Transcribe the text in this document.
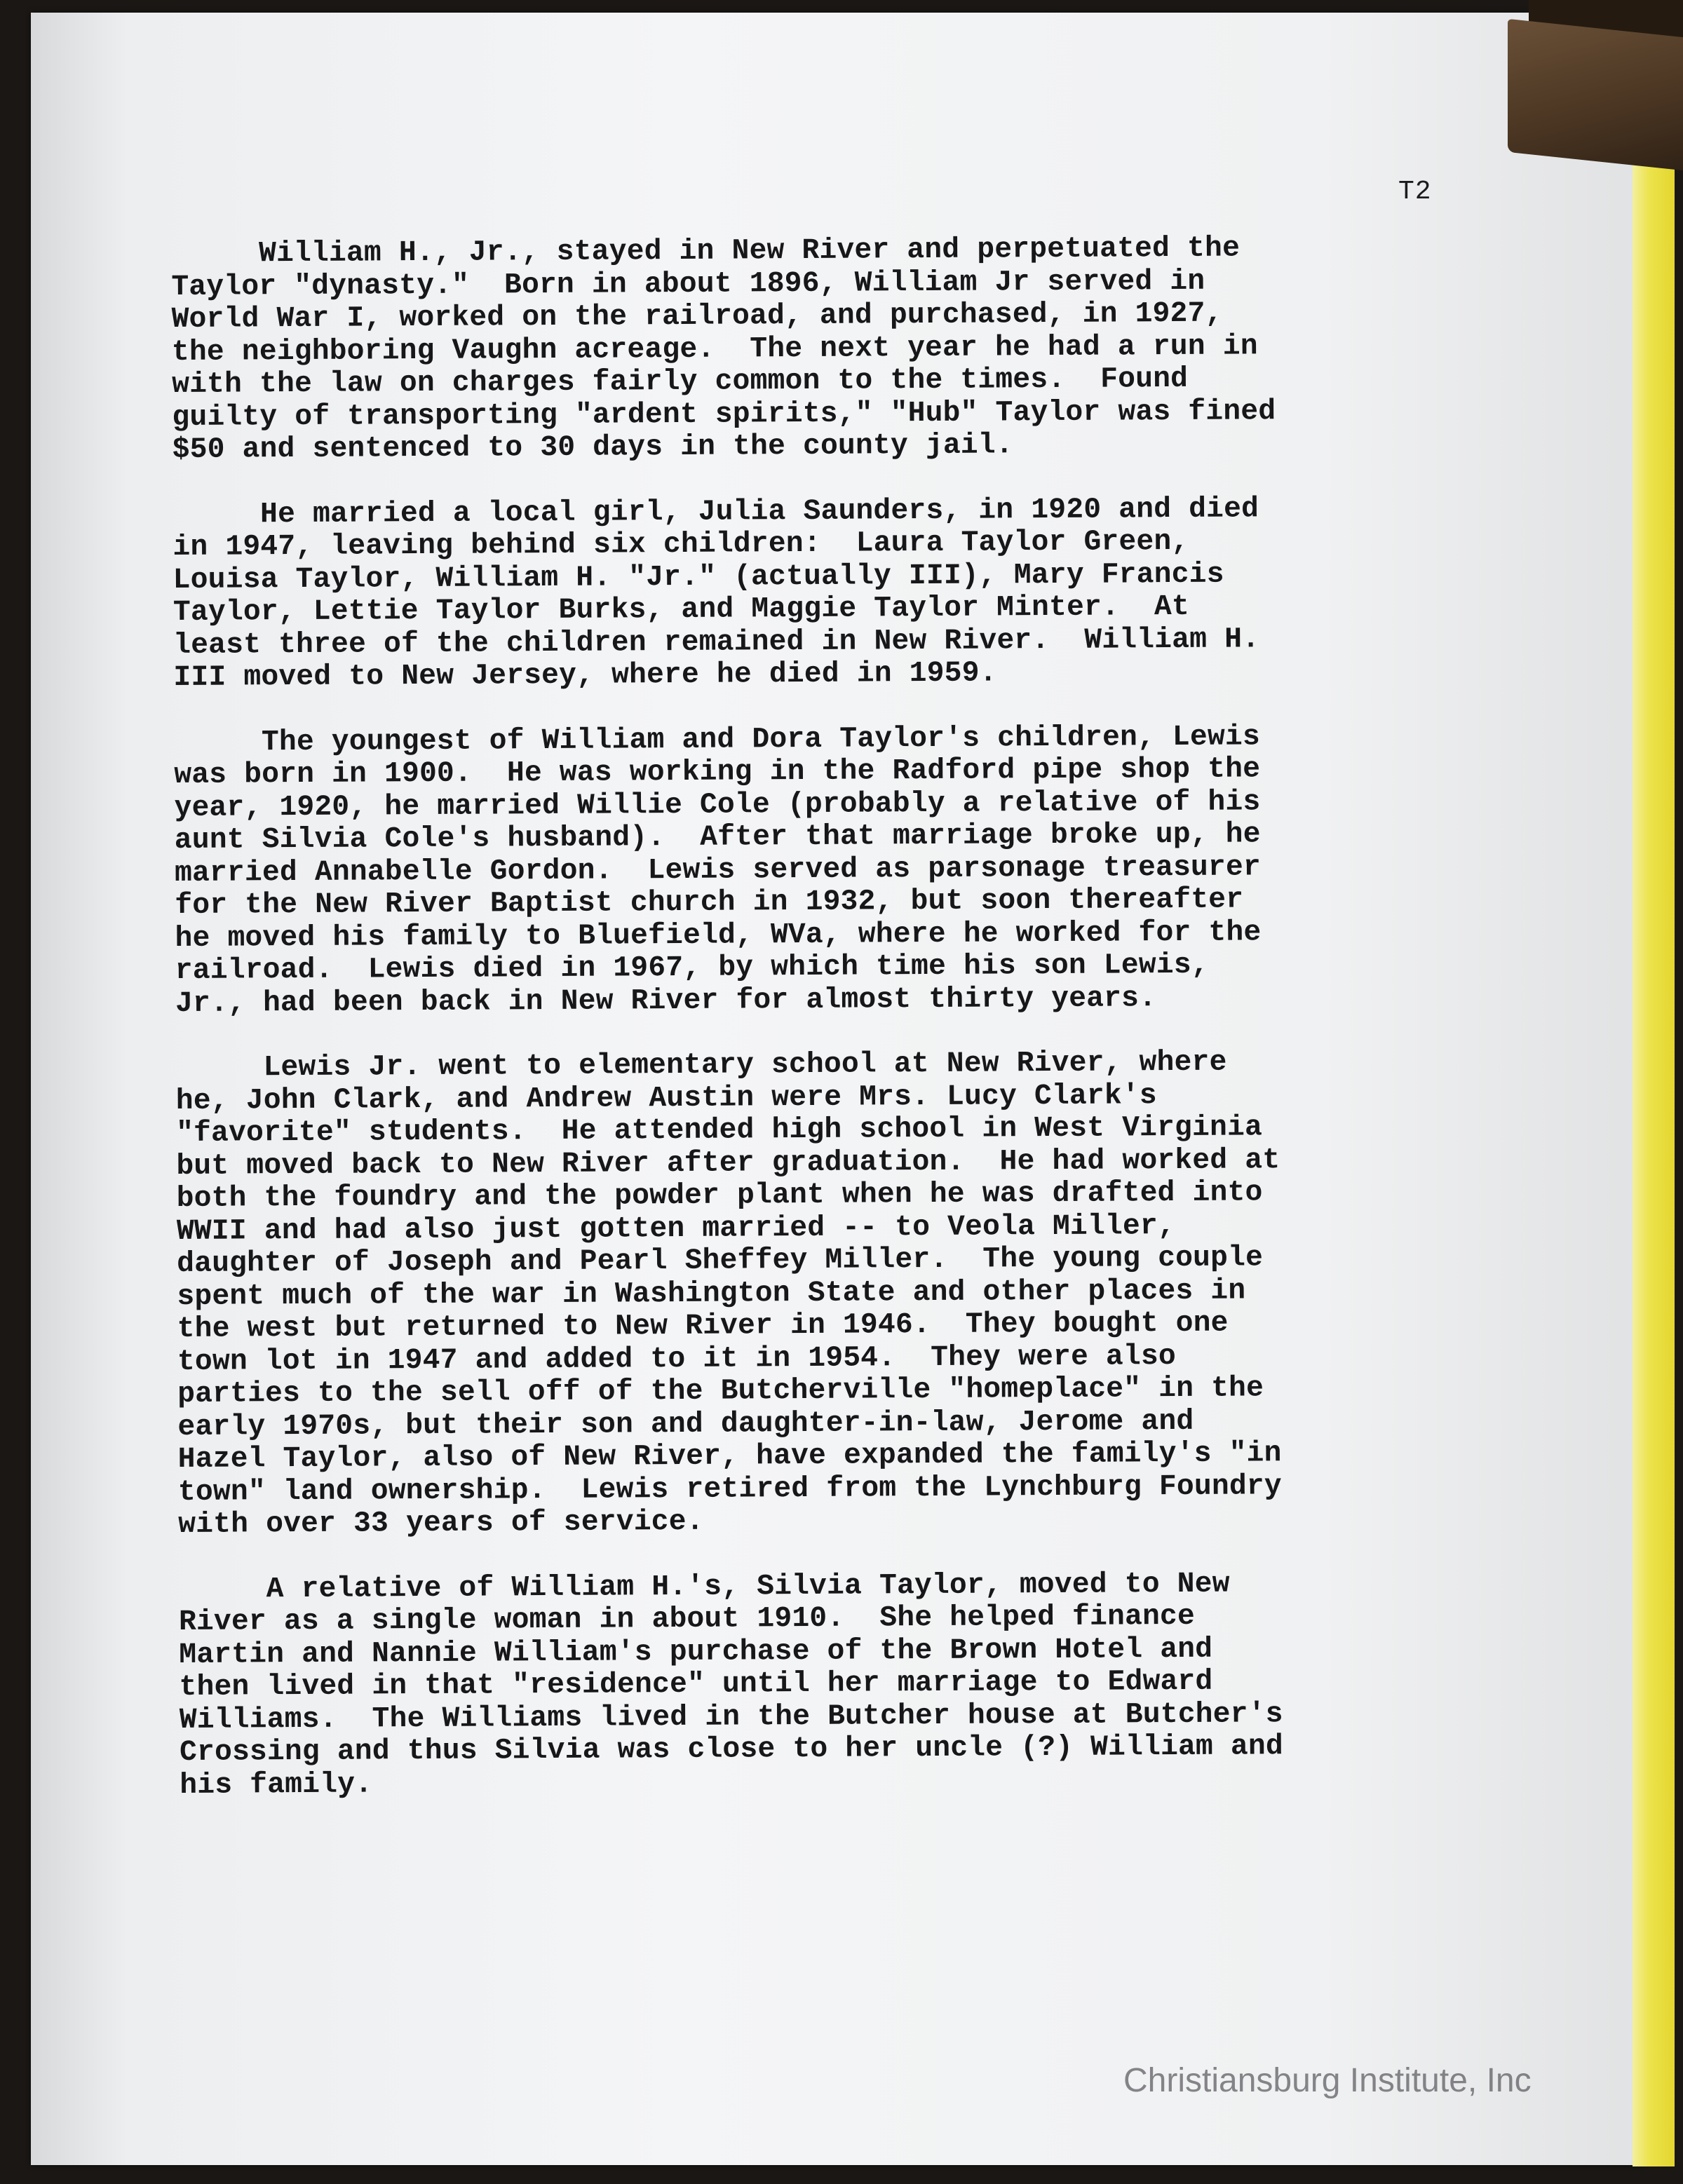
T2

William H., Jr., stayed in New River and perpetuated the
Taylor "dynasty."  Born in about 1896, William Jr served in
World War I, worked on the railroad, and purchased, in 1927,
the neighboring Vaughn acreage.  The next year he had a run in
with the law on charges fairly common to the times.  Found
guilty of transporting "ardent spirits," "Hub" Taylor was fined
$50 and sentenced to 30 days in the county jail.

He married a local girl, Julia Saunders, in 1920 and died
in 1947, leaving behind six children:  Laura Taylor Green,
Louisa Taylor, William H. "Jr." (actually III), Mary Francis
Taylor, Lettie Taylor Burks, and Maggie Taylor Minter.  At
least three of the children remained in New River.  William H.
III moved to New Jersey, where he died in 1959.

The youngest of William and Dora Taylor's children, Lewis
was born in 1900.  He was working in the Radford pipe shop the
year, 1920, he married Willie Cole (probably a relative of his
aunt Silvia Cole's husband).  After that marriage broke up, he
married Annabelle Gordon.  Lewis served as parsonage treasurer
for the New River Baptist church in 1932, but soon thereafter
he moved his family to Bluefield, WVa, where he worked for the
railroad.  Lewis died in 1967, by which time his son Lewis,
Jr., had been back in New River for almost thirty years.

Lewis Jr. went to elementary school at New River, where
he, John Clark, and Andrew Austin were Mrs. Lucy Clark's
"favorite" students.  He attended high school in West Virginia
but moved back to New River after graduation.  He had worked at
both the foundry and the powder plant when he was drafted into
WWII and had also just gotten married -- to Veola Miller,
daughter of Joseph and Pearl Sheffey Miller.  The young couple
spent much of the war in Washington State and other places in
the west but returned to New River in 1946.  They bought one
town lot in 1947 and added to it in 1954.  They were also
parties to the sell off of the Butcherville "homeplace" in the
early 1970s, but their son and daughter-in-law, Jerome and
Hazel Taylor, also of New River, have expanded the family's "in
town" land ownership.  Lewis retired from the Lynchburg Foundry
with over 33 years of service.

A relative of William H.'s, Silvia Taylor, moved to New
River as a single woman in about 1910.  She helped finance
Martin and Nannie William's purchase of the Brown Hotel and
then lived in that "residence" until her marriage to Edward
Williams.  The Williams lived in the Butcher house at Butcher's
Crossing and thus Silvia was close to her uncle (?) William and
his family.

Christiansburg Institute, Inc
